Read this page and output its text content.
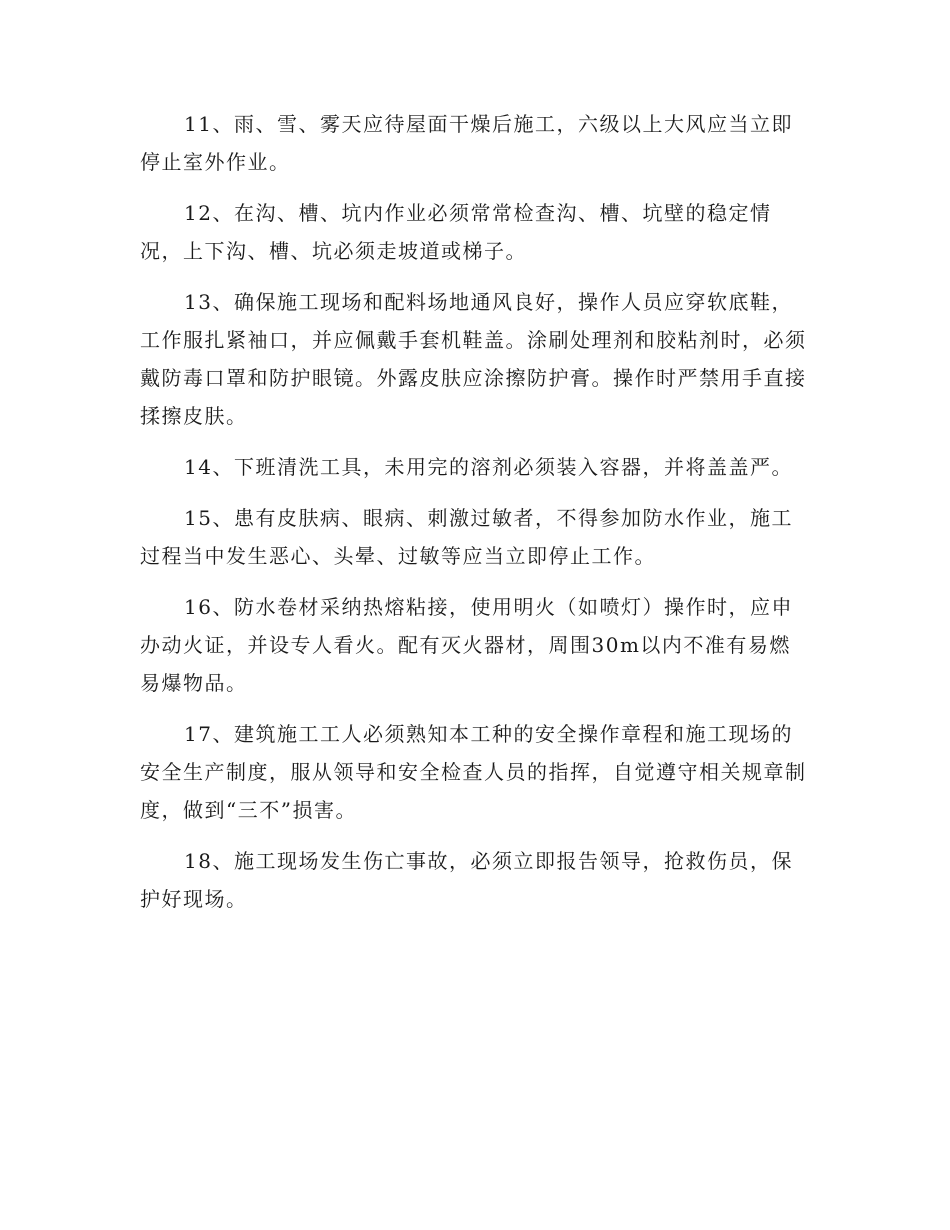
11、雨、雪、雾天应待屋面干燥后施工，六级以上大风应当立即停止室外作业。

12、在沟、槽、坑内作业必须常常检查沟、槽、坑壁的稳定情况，上下沟、槽、坑必须走坡道或梯子。

13、确保施工现场和配料场地通风良好，操作人员应穿软底鞋，工作服扎紧袖口，并应佩戴手套机鞋盖。涂刷处理剂和胶粘剂时，必须戴防毒口罩和防护眼镜。外露皮肤应涂擦防护膏。操作时严禁用手直接揉擦皮肤。

14、下班清洗工具，未用完的溶剂必须装入容器，并将盖盖严。

15、患有皮肤病、眼病、刺激过敏者，不得参加防水作业，施工过程当中发生恶心、头晕、过敏等应当立即停止工作。

16、防水卷材采纳热熔粘接，使用明火（如喷灯）操作时，应申办动火证，并设专人看火。配有灭火器材，周围30m以内不准有易燃易爆物品。

17、建筑施工工人必须熟知本工种的安全操作章程和施工现场的安全生产制度，服从领导和安全检查人员的指挥，自觉遵守相关规章制度，做到“三不”损害。

18、施工现场发生伤亡事故，必须立即报告领导，抢救伤员，保护好现场。
